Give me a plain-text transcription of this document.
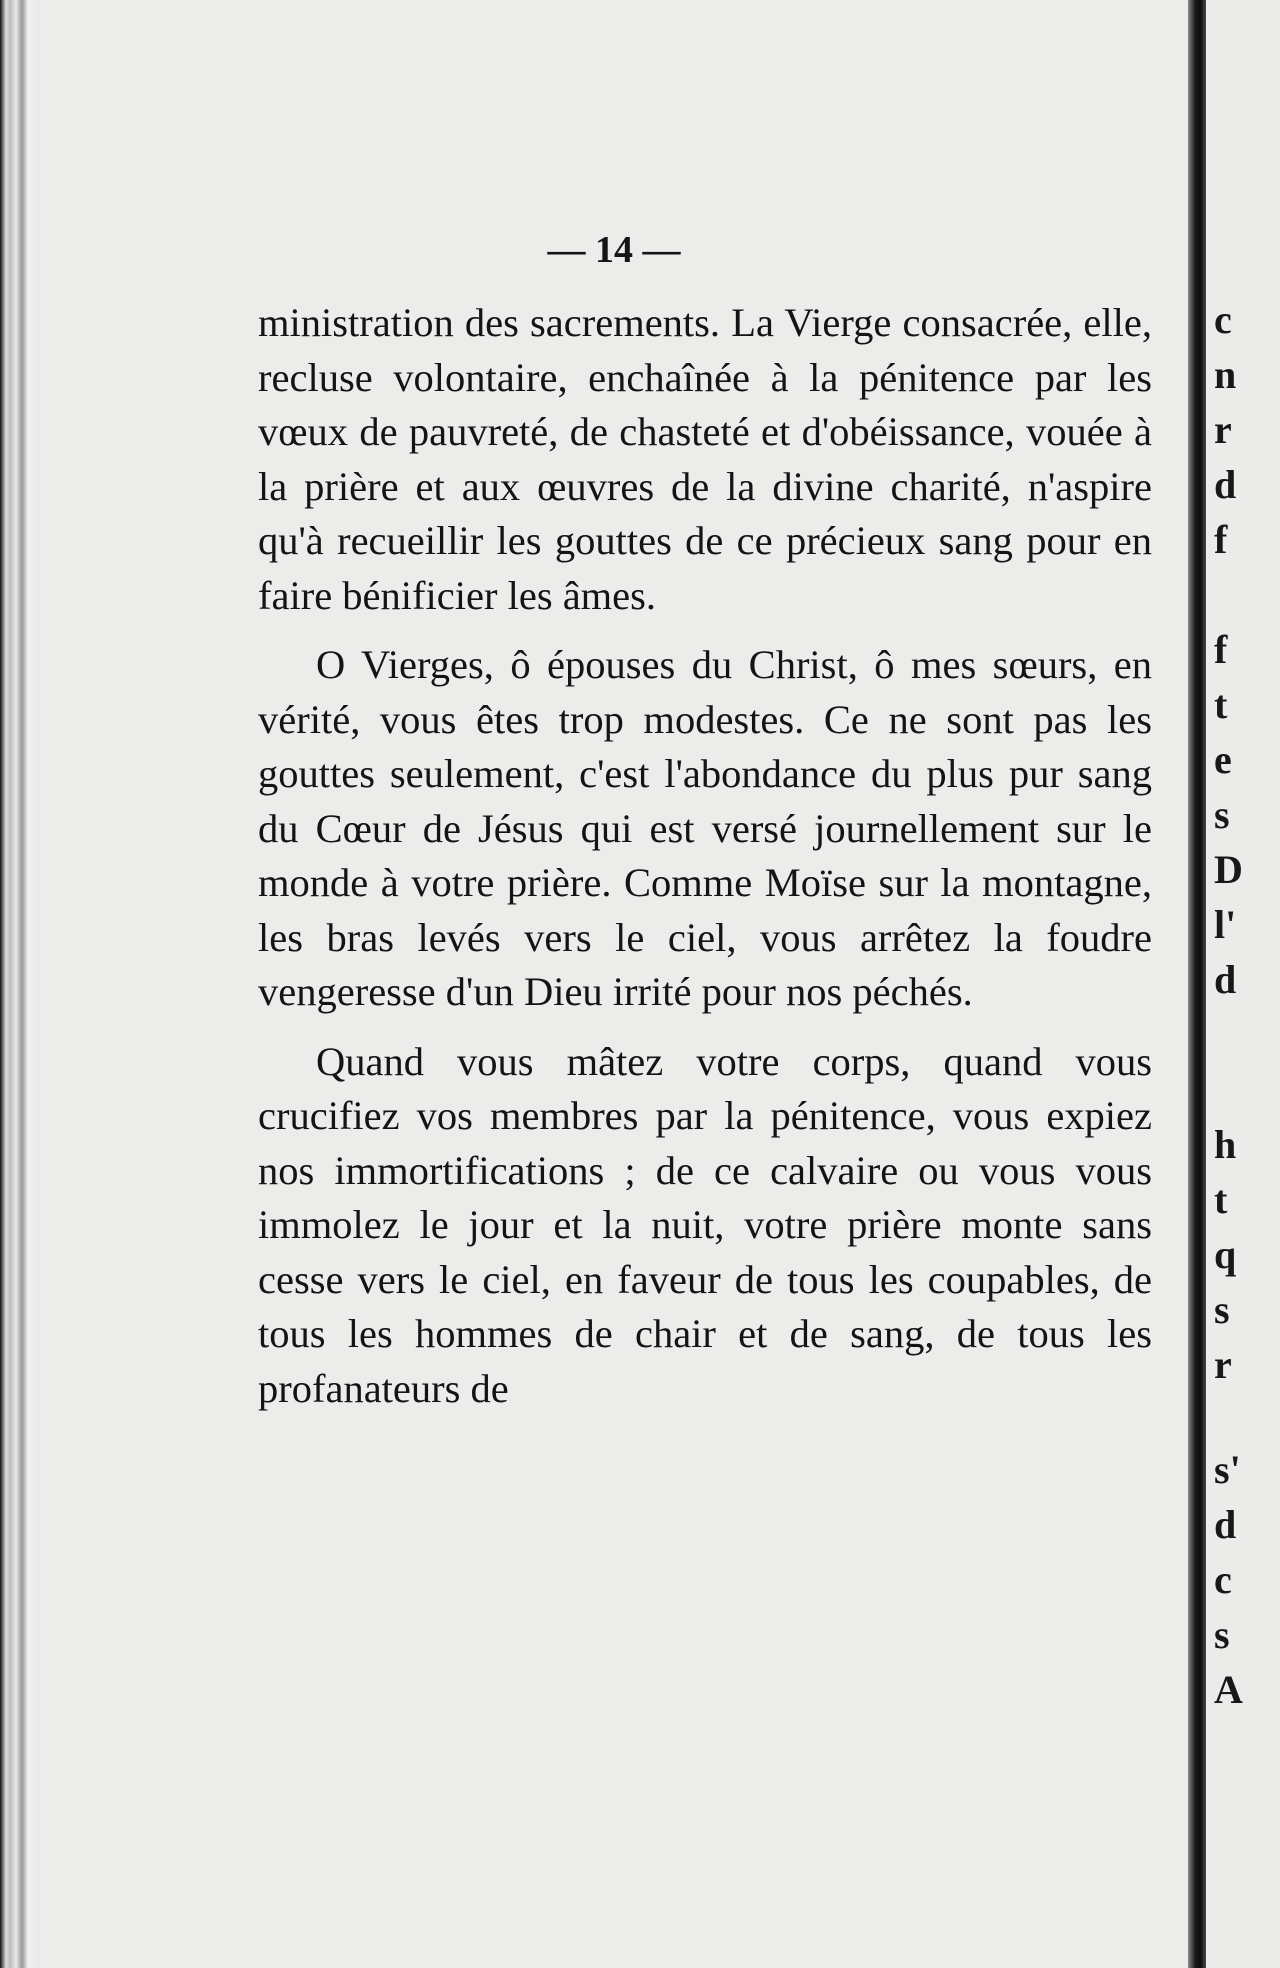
— 14 —

ministration des sacrements. La Vierge consacrée, elle, recluse volontaire, enchaînée à la pénitence par les vœux de pauvreté, de chasteté et d'obéissance, vouée à la prière et aux œuvres de la divine charité, n'aspire qu'à recueillir les gouttes de ce précieux sang pour en faire bénificier les âmes.

O Vierges, ô épouses du Christ, ô mes sœurs, en vérité, vous êtes trop modestes. Ce ne sont pas les gouttes seulement, c'est l'abondance du plus pur sang du Cœur de Jésus qui est versé journellement sur le monde à votre prière. Comme Moïse sur la montagne, les bras levés vers le ciel, vous arrêtez la foudre vengeresse d'un Dieu irrité pour nos péchés.

Quand vous mâtez votre corps, quand vous crucifiez vos membres par la pénitence, vous expiez nos immortifications ; de ce calvaire ou vous vous immolez le jour et la nuit, votre prière monte sans cesse vers le ciel, en faveur de tous les coupables, de tous les hommes de chair et de sang, de tous les profanateurs de

c
n
r
d
f
f
t
e
s
D
l'
d
h
t
q
s
r
s'
d
c
s
A
